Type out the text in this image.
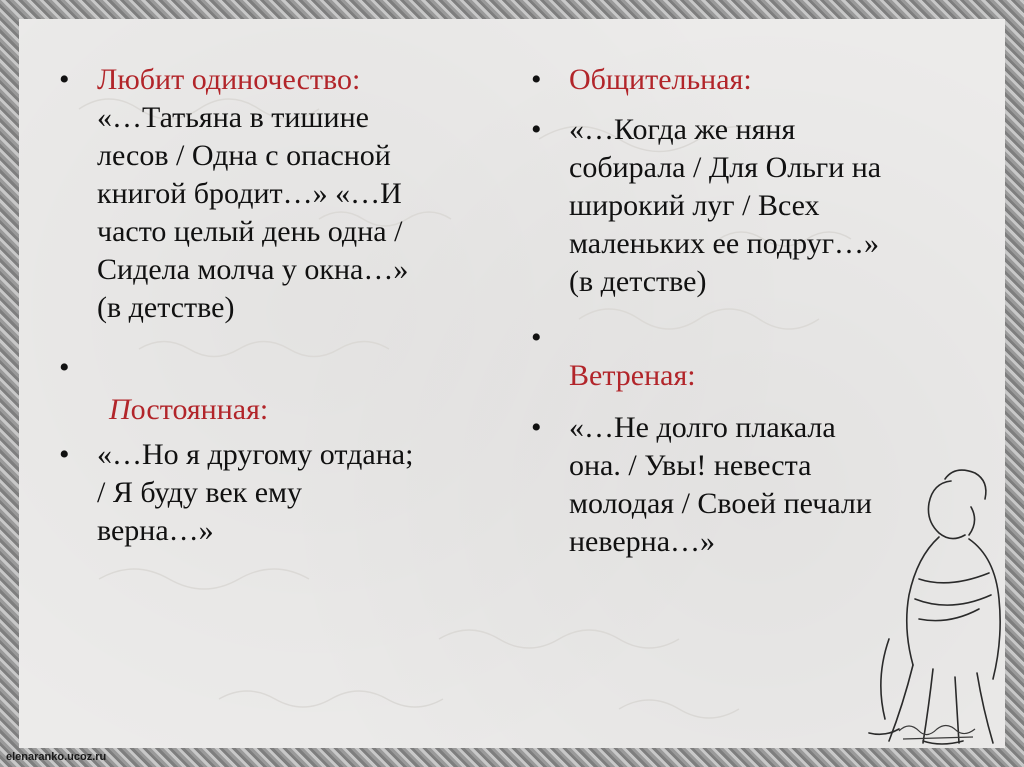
• Любит одиночество:
«…Татьяна в тишине
лесов / Одна с опасной
книгой бродит…» «…И
часто целый день одна /
Сидела молча у окна…»
(в детстве)
•
Постоянная:
• «…Но я другому отдана;
/ Я буду век ему
верна…»
• Общительная:
• «…Когда же няня
собирала / Для Ольги на
широкий луг / Всех
маленьких ее подруг…»
(в детстве)
•
Ветреная:
• «…Не долго плакала
она. / Увы! невеста
молодая / Своей печали
неверна…»
elenaranko.ucoz.ru
